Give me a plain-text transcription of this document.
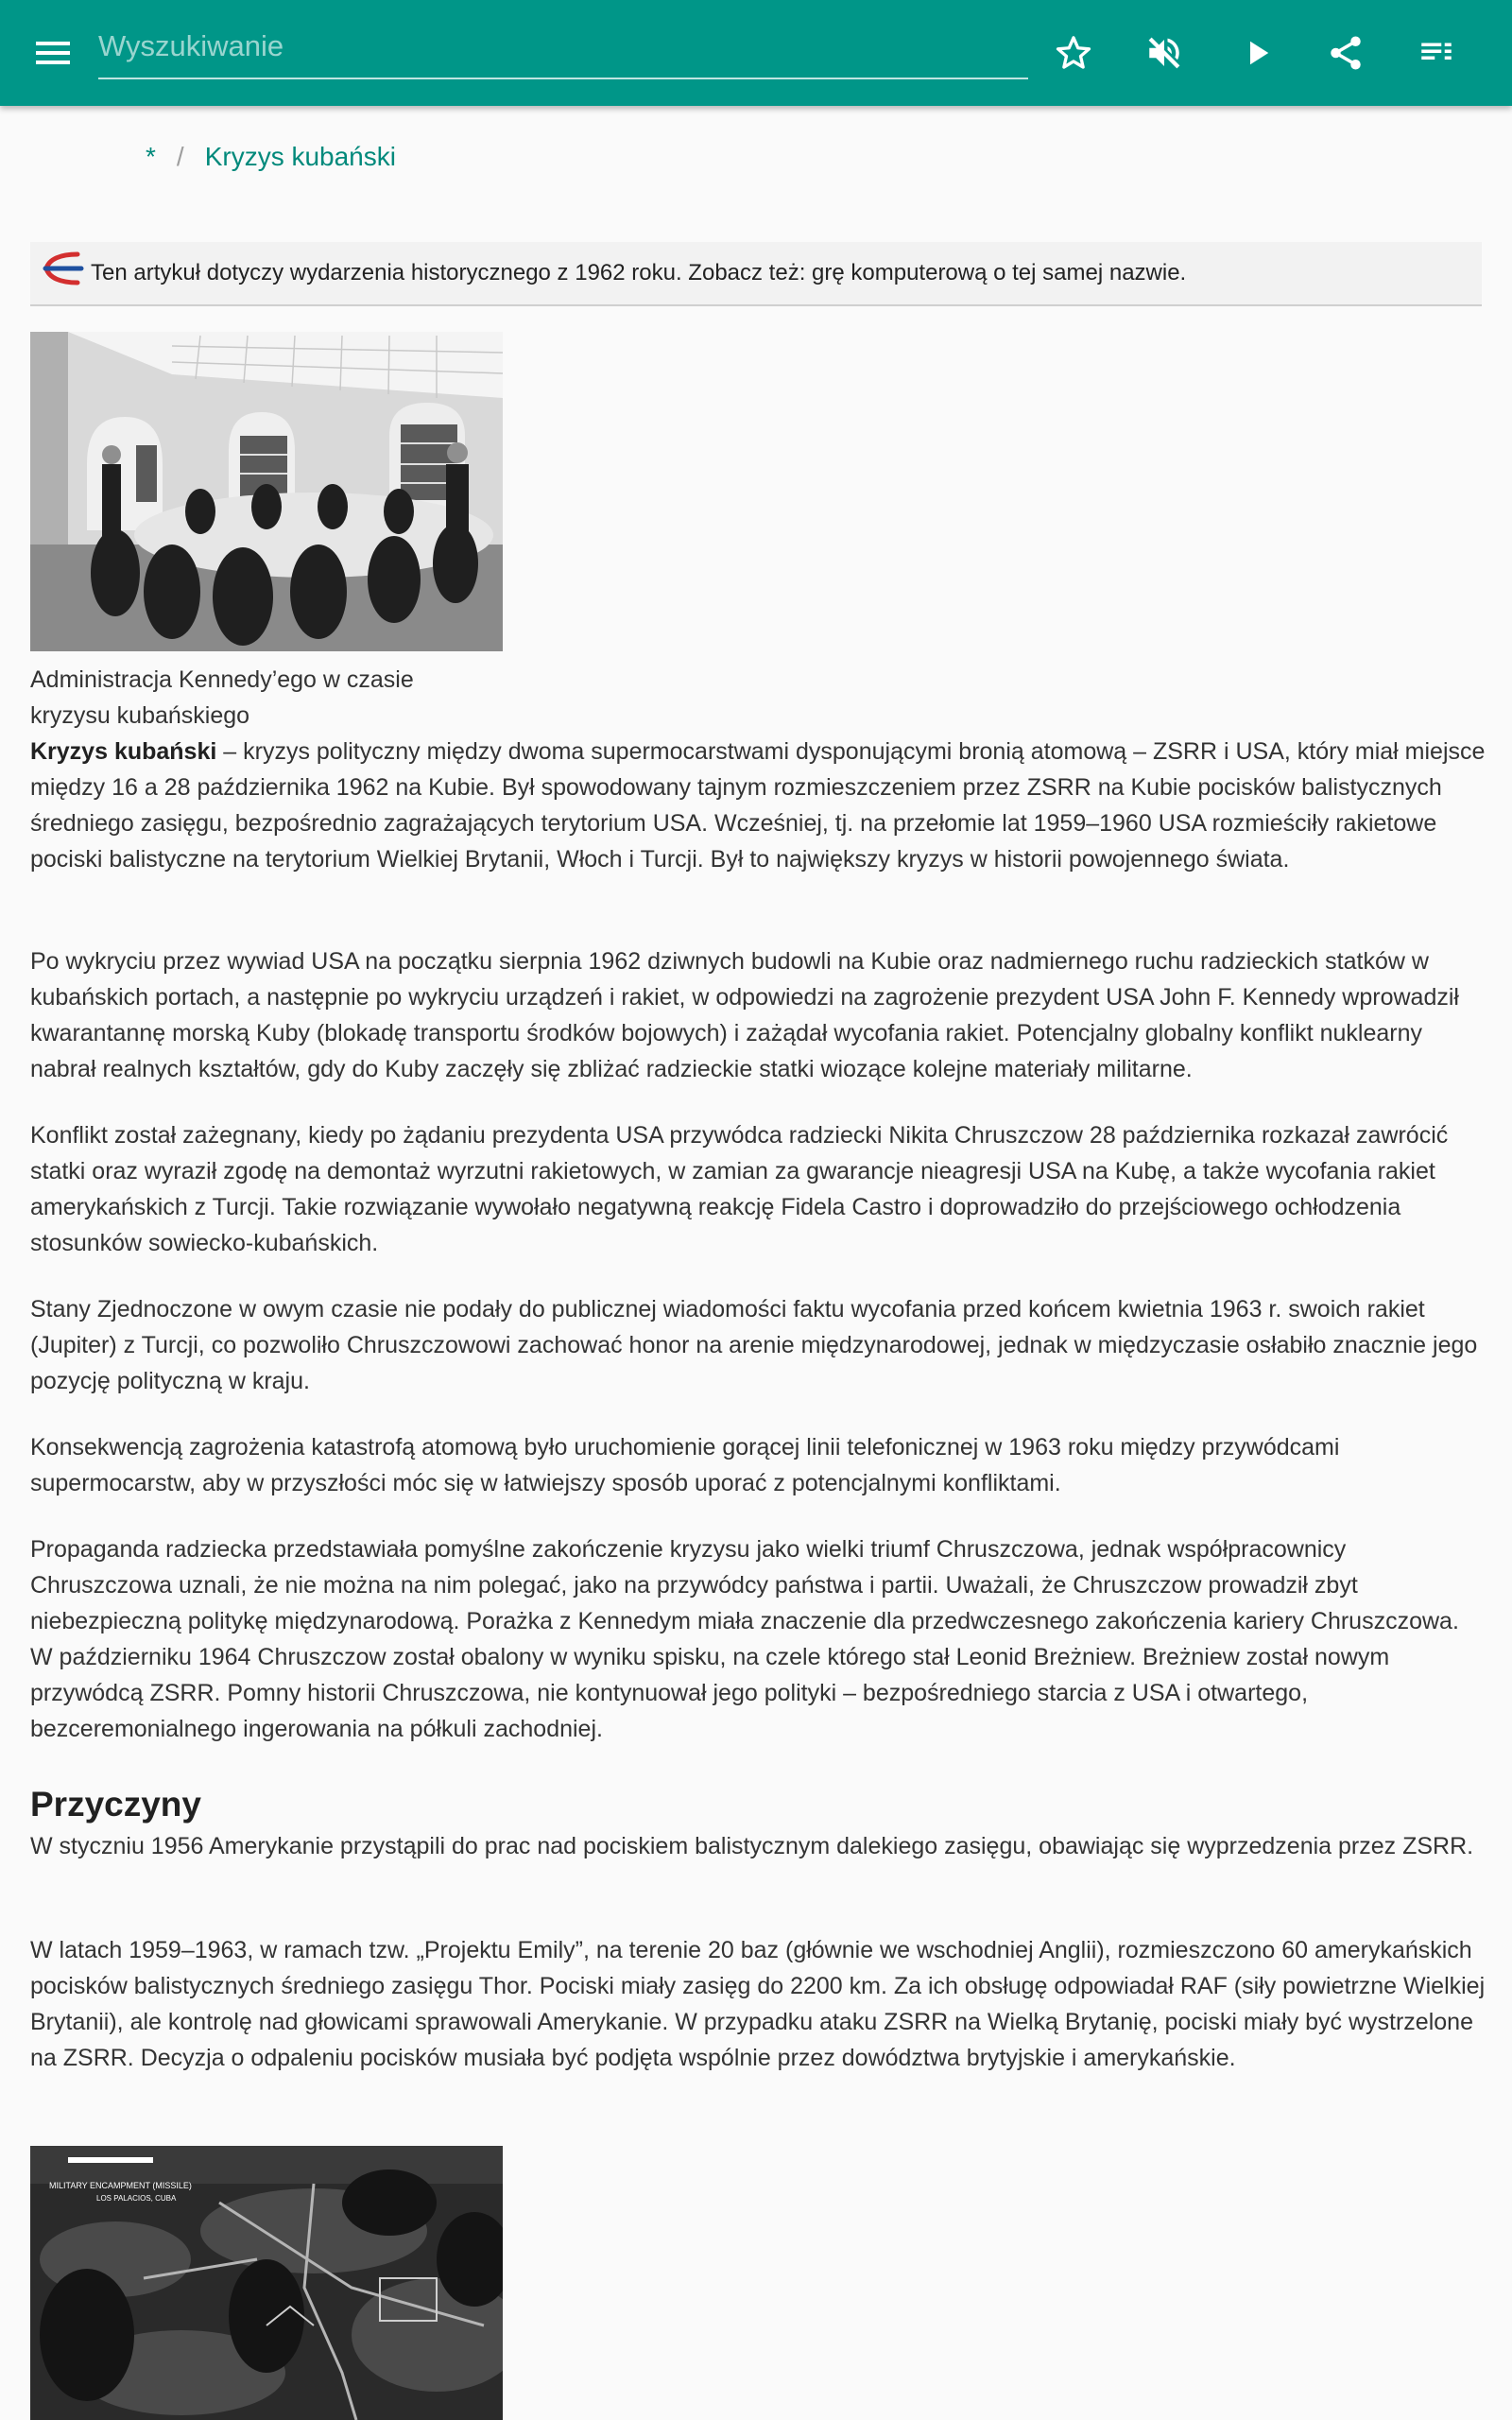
Wyszukiwanie
* / Kryzys kubański
Ten artykuł dotyczy wydarzenia historycznego z 1962 roku. Zobacz też: grę komputerową o tej samej nazwie.
Administracja Kennedy’ego w czasie kryzysu kubańskiego

Kryzys kubański – kryzys polityczny między dwoma supermocarstwami dysponującymi bronią atomową – ZSRR i USA, który miał miejsce między 16 a 28 października 1962 na Kubie. Był spowodowany tajnym rozmieszczeniem przez ZSRR na Kubie pocisków balistycznych średniego zasięgu, bezpośrednio zagrażających terytorium USA. Wcześniej, tj. na przełomie lat 1959–1960 USA rozmieściły rakietowe pociski balistyczne na terytorium Wielkiej Brytanii, Włoch i Turcji. Był to największy kryzys w historii powojennego świata.

Po wykryciu przez wywiad USA na początku sierpnia 1962 dziwnych budowli na Kubie oraz nadmiernego ruchu radzieckich statków w kubańskich portach, a następnie po wykryciu urządzeń i rakiet, w odpowiedzi na zagrożenie prezydent USA John F. Kennedy wprowadził kwarantannę morską Kuby (blokadę transportu środków bojowych) i zażądał wycofania rakiet. Potencjalny globalny konflikt nuklearny nabrał realnych kształtów, gdy do Kuby zaczęły się zbliżać radzieckie statki wiozące kolejne materiały militarne.

Konflikt został zażegnany, kiedy po żądaniu prezydenta USA przywódca radziecki Nikita Chruszczow 28 października rozkazał zawrócić statki oraz wyraził zgodę na demontaż wyrzutni rakietowych, w zamian za gwarancje nieagresji USA na Kubę, a także wycofania rakiet amerykańskich z Turcji. Takie rozwiązanie wywołało negatywną reakcję Fidela Castro i doprowadziło do przejściowego ochłodzenia stosunków sowiecko-kubańskich.

Stany Zjednoczone w owym czasie nie podały do publicznej wiadomości faktu wycofania przed końcem kwietnia 1963 r. swoich rakiet (Jupiter) z Turcji, co pozwoliło Chruszczowowi zachować honor na arenie międzynarodowej, jednak w międzyczasie osłabiło znacznie jego pozycję polityczną w kraju.

Konsekwencją zagrożenia katastrofą atomową było uruchomienie gorącej linii telefonicznej w 1963 roku między przywódcami supermocarstw, aby w przyszłości móc się w łatwiejszy sposób uporać z potencjalnymi konfliktami.

Propaganda radziecka przedstawiała pomyślne zakończenie kryzysu jako wielki triumf Chruszczowa, jednak współpracownicy Chruszczowa uznali, że nie można na nim polegać, jako na przywódcy państwa i partii. Uważali, że Chruszczow prowadził zbyt niebezpieczną politykę międzynarodową. Porażka z Kennedym miała znaczenie dla przedwczesnego zakończenia kariery Chruszczowa. W październiku 1964 Chruszczow został obalony w wyniku spisku, na czele którego stał Leonid Breżniew. Breżniew został nowym przywódcą ZSRR. Pomny historii Chruszczowa, nie kontynuował jego polityki – bezpośredniego starcia z USA i otwartego, bezceremonialnego ingerowania na półkuli zachodniej.

Przyczyny

W styczniu 1956 Amerykanie przystąpili do prac nad pociskiem balistycznym dalekiego zasięgu, obawiając się wyprzedzenia przez ZSRR.

W latach 1959–1963, w ramach tzw. „Projektu Emily”, na terenie 20 baz (głównie we wschodniej Anglii), rozmieszczono 60 amerykańskich pocisków balistycznych średniego zasięgu Thor. Pociski miały zasięg do 2200 km. Za ich obsługę odpowiadał RAF (siły powietrzne Wielkiej Brytanii), ale kontrolę nad głowicami sprawowali Amerykanie. W przypadku ataku ZSRR na Wielką Brytanię, pociski miały być wystrzelone na ZSRR. Decyzja o odpaleniu pocisków musiała być podjęta wspólnie przez dowództwa brytyjskie i amerykańskie.

MILITARY ENCAMPMENT (MISSILE)
LOS PALACIOS, CUBA
